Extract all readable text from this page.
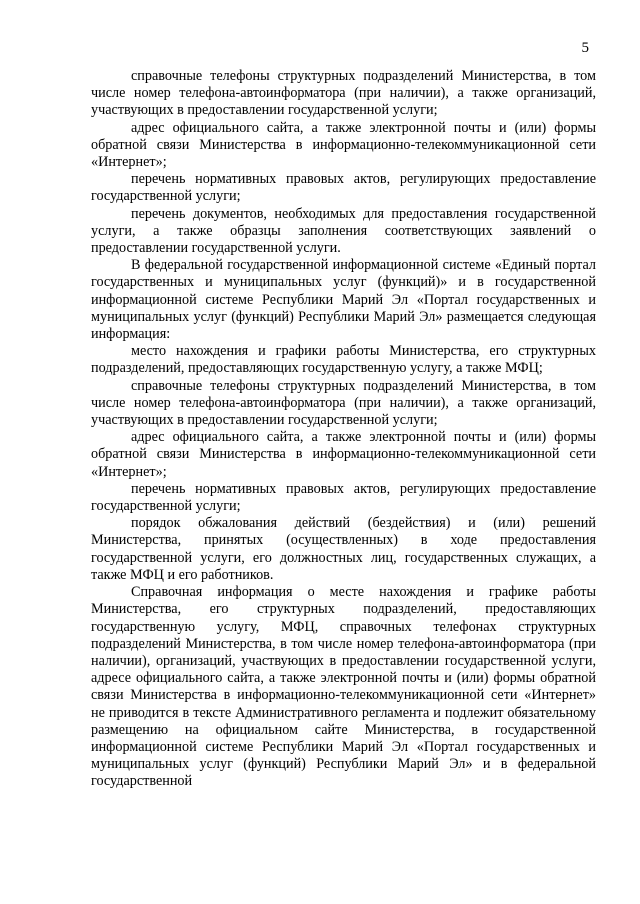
5

справочные телефоны структурных подразделений Министерства, в том числе номер телефона-автоинформатора (при наличии), а также организаций, участвующих в предоставлении государственной услуги;

адрес официального сайта, а также электронной почты и (или) формы обратной связи Министерства в информационно-телекоммуникационной сети «Интернет»;

перечень нормативных правовых актов, регулирующих предоставление государственной услуги;

перечень документов, необходимых для предоставления государственной услуги, а также образцы заполнения соответствующих заявлений о предоставлении государственной услуги.

В федеральной государственной информационной системе «Единый портал государственных и муниципальных услуг (функций)» и в государственной информационной системе Республики Марий Эл «Портал государственных и муниципальных услуг (функций) Республики Марий Эл» размещается следующая информация:

место нахождения и графики работы Министерства, его структурных подразделений, предоставляющих государственную услугу, а также МФЦ;

справочные телефоны структурных подразделений Министерства, в том числе номер телефона-автоинформатора (при наличии), а также организаций, участвующих в предоставлении государственной услуги;

адрес официального сайта, а также электронной почты и (или) формы обратной связи Министерства в информационно-телекоммуникационной сети «Интернет»;

перечень нормативных правовых актов, регулирующих предоставление государственной услуги;

порядок обжалования действий (бездействия) и (или) решений Министерства, принятых (осуществленных) в ходе предоставления государственной услуги, его должностных лиц, государственных служащих, а также МФЦ и его работников.

Справочная информация о месте нахождения и графике работы Министерства, его структурных подразделений, предоставляющих государственную услугу, МФЦ, справочных телефонах структурных подразделений Министерства, в том числе номер телефона-автоинформатора (при наличии), организаций, участвующих в предоставлении государственной услуги, адресе официального сайта, а также электронной почты и (или) формы обратной связи Министерства в информационно-телекоммуникационной сети «Интернет» не приводится в тексте Административного регламента и подлежит обязательному размещению на официальном сайте Министерства, в государственной информационной системе Республики Марий Эл «Портал государственных и муниципальных услуг (функций) Республики Марий Эл» и в федеральной государственной
